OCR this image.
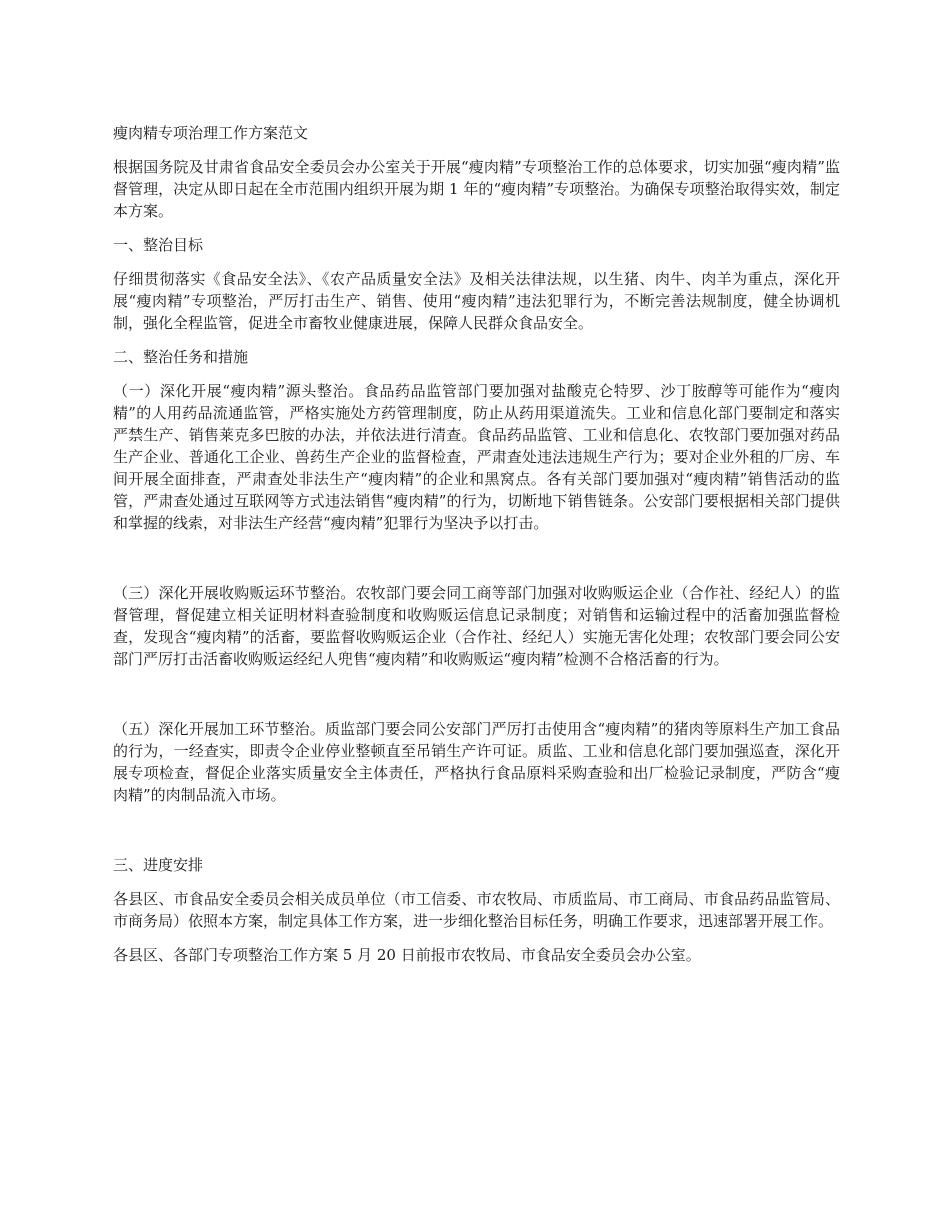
瘦肉精专项治理工作方案范文

根据国务院及甘肃省食品安全委员会办公室关于开展“瘦肉精”专项整治工作的总体要求，切实加强“瘦肉精”监督管理，决定从即日起在全市范围内组织开展为期 1 年的“瘦肉精”专项整治。为确保专项整治取得实效，制定本方案。

一、整治目标

仔细贯彻落实《食品安全法》、《农产品质量安全法》及相关法律法规，以生猪、肉牛、肉羊为重点，深化开展“瘦肉精”专项整治，严厉打击生产、销售、使用“瘦肉精”违法犯罪行为，不断完善法规制度，健全协调机制，强化全程监管，促进全市畜牧业健康进展，保障人民群众食品安全。

二、整治任务和措施

（一）深化开展“瘦肉精”源头整治。食品药品监管部门要加强对盐酸克仑特罗、沙丁胺醇等可能作为“瘦肉精”的人用药品流通监管，严格实施处方药管理制度，防止从药用渠道流失。工业和信息化部门要制定和落实严禁生产、销售莱克多巴胺的办法，并依法进行清查。食品药品监管、工业和信息化、农牧部门要加强对药品生产企业、普通化工企业、兽药生产企业的监督检查，严肃查处违法违规生产行为；要对企业外租的厂房、车间开展全面排查，严肃查处非法生产“瘦肉精”的企业和黑窝点。各有关部门要加强对“瘦肉精”销售活动的监管，严肃查处通过互联网等方式违法销售“瘦肉精”的行为，切断地下销售链条。公安部门要根据相关部门提供和掌握的线索，对非法生产经营“瘦肉精”犯罪行为坚决予以打击。

（三）深化开展收购贩运环节整治。农牧部门要会同工商等部门加强对收购贩运企业（合作社、经纪人）的监督管理，督促建立相关证明材料查验制度和收购贩运信息记录制度；对销售和运输过程中的活畜加强监督检查，发现含“瘦肉精”的活畜，要监督收购贩运企业（合作社、经纪人）实施无害化处理；农牧部门要会同公安部门严厉打击活畜收购贩运经纪人兜售“瘦肉精”和收购贩运“瘦肉精”检测不合格活畜的行为。

（五）深化开展加工环节整治。质监部门要会同公安部门严厉打击使用含“瘦肉精”的猪肉等原料生产加工食品的行为，一经查实，即责令企业停业整顿直至吊销生产许可证。质监、工业和信息化部门要加强巡查，深化开展专项检查，督促企业落实质量安全主体责任，严格执行食品原料采购查验和出厂检验记录制度，严防含“瘦肉精”的肉制品流入市场。

三、进度安排

各县区、市食品安全委员会相关成员单位（市工信委、市农牧局、市质监局、市工商局、市食品药品监管局、市商务局）依照本方案，制定具体工作方案，进一步细化整治目标任务，明确工作要求，迅速部署开展工作。

各县区、各部门专项整治工作方案 5 月 20 日前报市农牧局、市食品安全委员会办公室。
